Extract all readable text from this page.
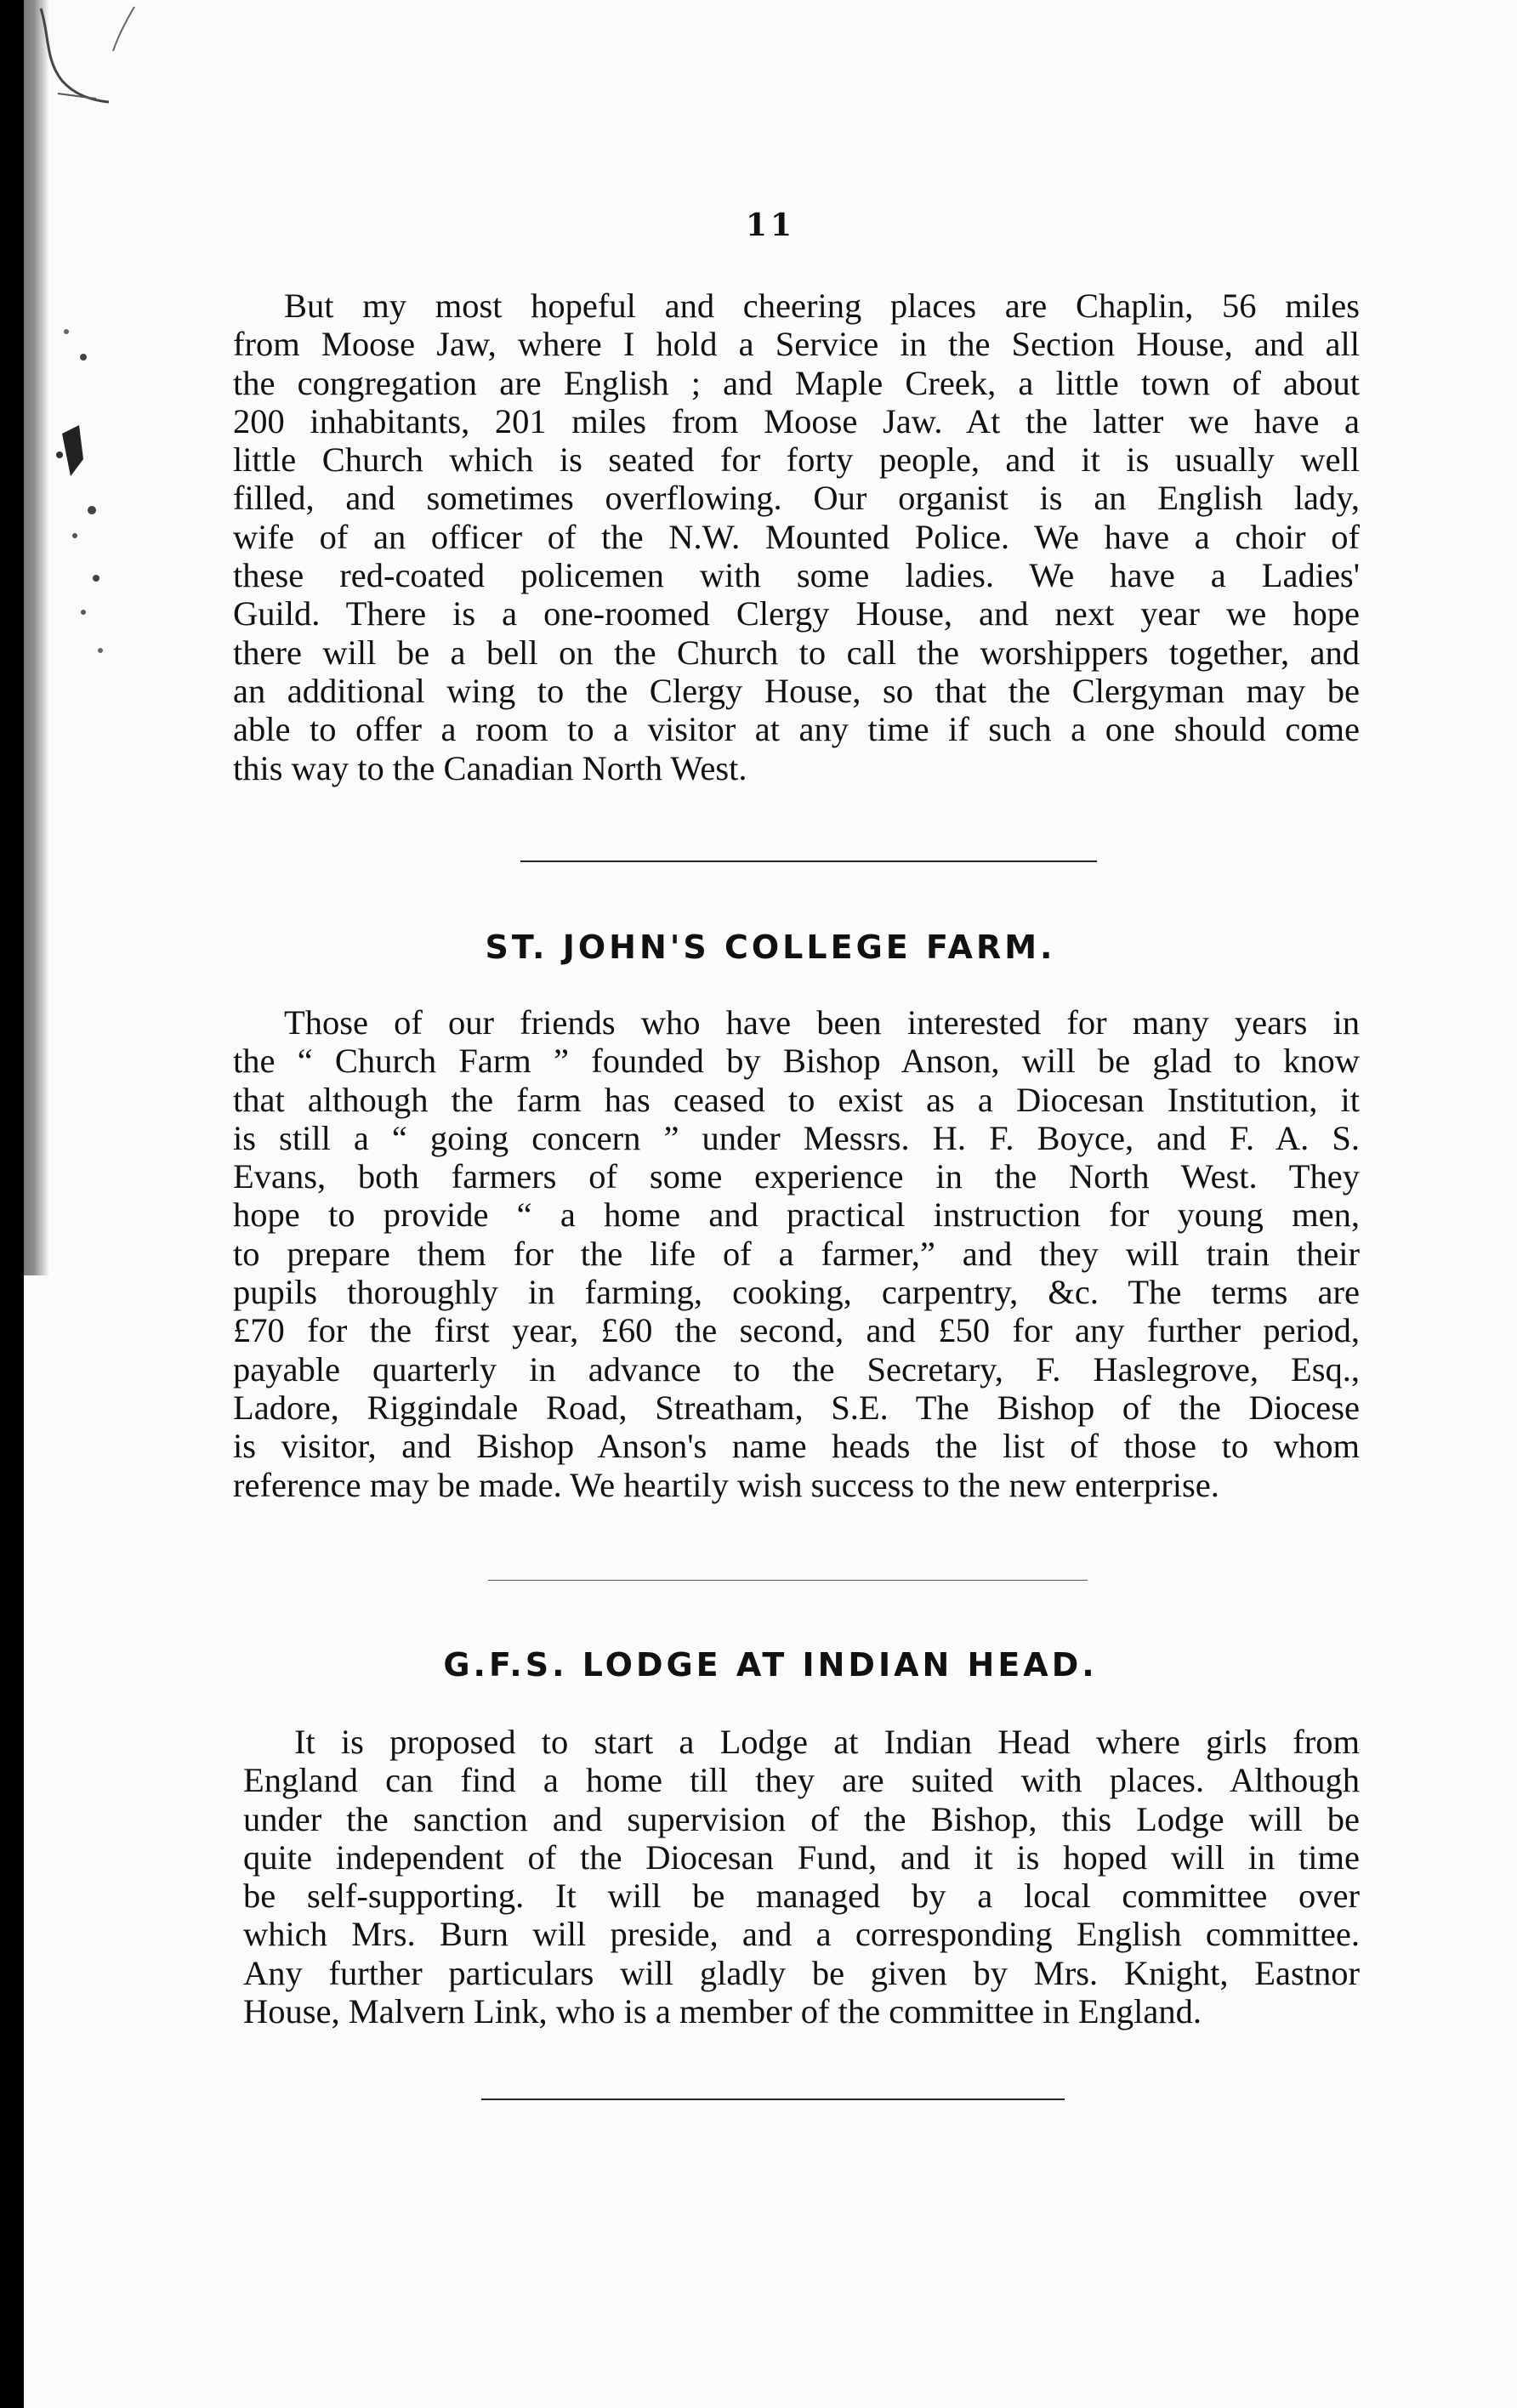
11

But my most hopeful and cheering places are Chaplin, 56 miles
from Moose Jaw, where I hold a Service in the Section House, and all
the congregation are English ; and Maple Creek, a little town of about
200 inhabitants, 201 miles from Moose Jaw. At the latter we have a
little Church which is seated for forty people, and it is usually well
filled, and sometimes overflowing. Our organist is an English lady,
wife of an officer of the N.W. Mounted Police. We have a choir of
these red-coated policemen with some ladies. We have a Ladies'
Guild. There is a one-roomed Clergy House, and next year we hope
there will be a bell on the Church to call the worshippers together, and
an additional wing to the Clergy House, so that the Clergyman may be
able to offer a room to a visitor at any time if such a one should come
this way to the Canadian North West.

ST. JOHN'S COLLEGE FARM.

Those of our friends who have been interested for many years in
the “ Church Farm ” founded by Bishop Anson, will be glad to know
that although the farm has ceased to exist as a Diocesan Institution, it
is still a “ going concern ” under Messrs. H. F. Boyce, and F. A. S.
Evans, both farmers of some experience in the North West. They
hope to provide “ a home and practical instruction for young men,
to prepare them for the life of a farmer,” and they will train their
pupils thoroughly in farming, cooking, carpentry, &c. The terms are
£70 for the first year, £60 the second, and £50 for any further period,
payable quarterly in advance to the Secretary, F. Haslegrove, Esq.,
Ladore, Riggindale Road, Streatham, S.E. The Bishop of the Diocese
is visitor, and Bishop Anson's name heads the list of those to whom
reference may be made. We heartily wish success to the new enterprise.

G.F.S. LODGE AT INDIAN HEAD.

It is proposed to start a Lodge at Indian Head where girls from
England can find a home till they are suited with places. Although
under the sanction and supervision of the Bishop, this Lodge will be
quite independent of the Diocesan Fund, and it is hoped will in time
be self-supporting. It will be managed by a local committee over
which Mrs. Burn will preside, and a corresponding English committee.
Any further particulars will gladly be given by Mrs. Knight, Eastnor
House, Malvern Link, who is a member of the committee in England.
